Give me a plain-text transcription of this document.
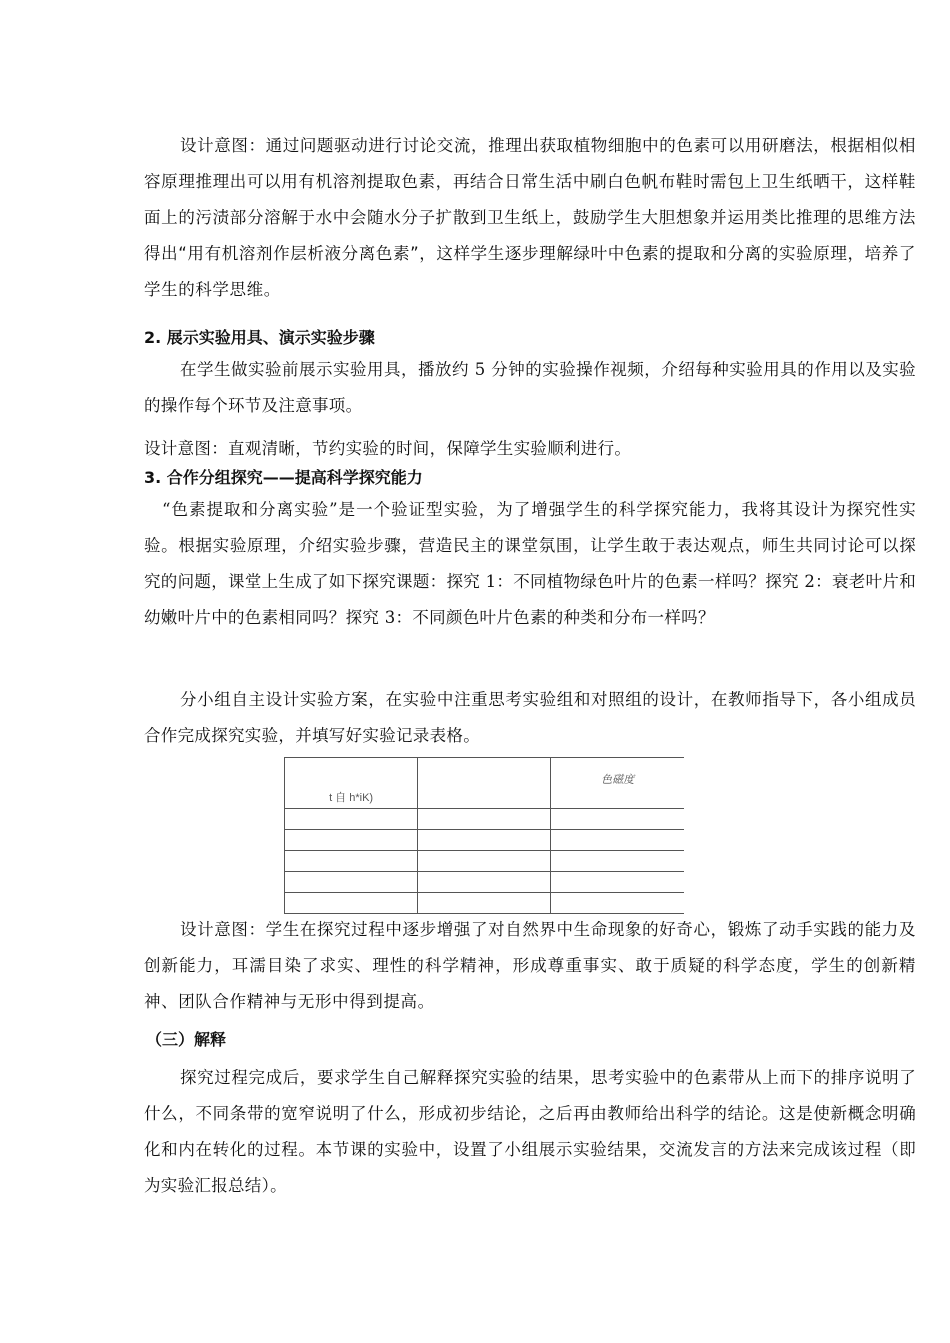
设计意图：通过问题驱动进行讨论交流，推理出获取植物细胞中的色素可以用研磨法，根据相似相容原理推理出可以用有机溶剂提取色素，再结合日常生活中刷白色帆布鞋时需包上卫生纸晒干，这样鞋面上的污渍部分溶解于水中会随水分子扩散到卫生纸上，鼓励学生大胆想象并运用类比推理的思维方法得出“用有机溶剂作层析液分离色素”，这样学生逐步理解绿叶中色素的提取和分离的实验原理，培养了学生的科学思维。

2. 展示实验用具、演示实验步骤

在学生做实验前展示实验用具，播放约 5 分钟的实验操作视频，介绍每种实验用具的作用以及实验的操作每个环节及注意事项。

设计意图：直观清晰，节约实验的时间，保障学生实验顺利进行。

3. 合作分组探究——提高科学探究能力

“色素提取和分离实验”是一个验证型实验，为了增强学生的科学探究能力，我将其设计为探究性实验。根据实验原理，介绍实验步骤，营造民主的课堂氛围，让学生敢于表达观点，师生共同讨论可以探究的问题，课堂上生成了如下探究课题：探究 1：不同植物绿色叶片的色素一样吗？探究 2：衰老叶片和幼嫩叶片中的色素相同吗？探究 3：不同颜色叶片色素的种类和分布一样吗？

分小组自主设计实验方案，在实验中注重思考实验组和对照组的设计，在教师指导下，各小组成员合作完成探究实验，并填写好实验记录表格。

t 自 h*iK)		色磁度

设计意图：学生在探究过程中逐步增强了对自然界中生命现象的好奇心，锻炼了动手实践的能力及创新能力，耳濡目染了求实、理性的科学精神，形成尊重事实、敢于质疑的科学态度，学生的创新精神、团队合作精神与无形中得到提高。

（三）解释

探究过程完成后，要求学生自己解释探究实验的结果，思考实验中的色素带从上而下的排序说明了什么，不同条带的宽窄说明了什么，形成初步结论，之后再由教师给出科学的结论。这是使新概念明确化和内在转化的过程。本节课的实验中，设置了小组展示实验结果，交流发言的方法来完成该过程（即为实验汇报总结）。
